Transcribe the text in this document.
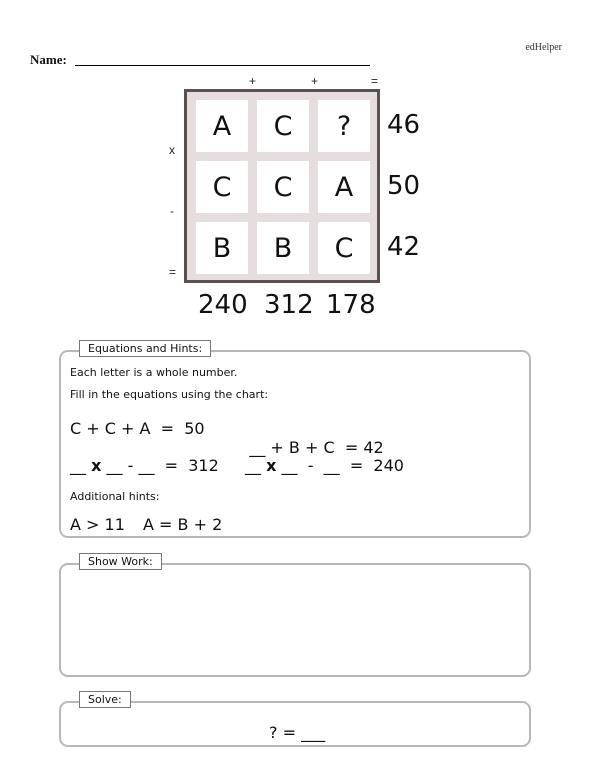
edHelper
Name:
+	+	=
x
-
=
A	C	?
C	C	A
B	B	C
46
50
42
240 312 178
Equations and Hints:
Each letter is a whole number.
Fill in the equations using the chart:
C + C + A  =  50

__ + B + C  = 42

__ x __ - __ = 312 __ x __ - __ = 240
Additional hints:
A > 11 A = B + 2
Show Work:
Solve:
? = ___
